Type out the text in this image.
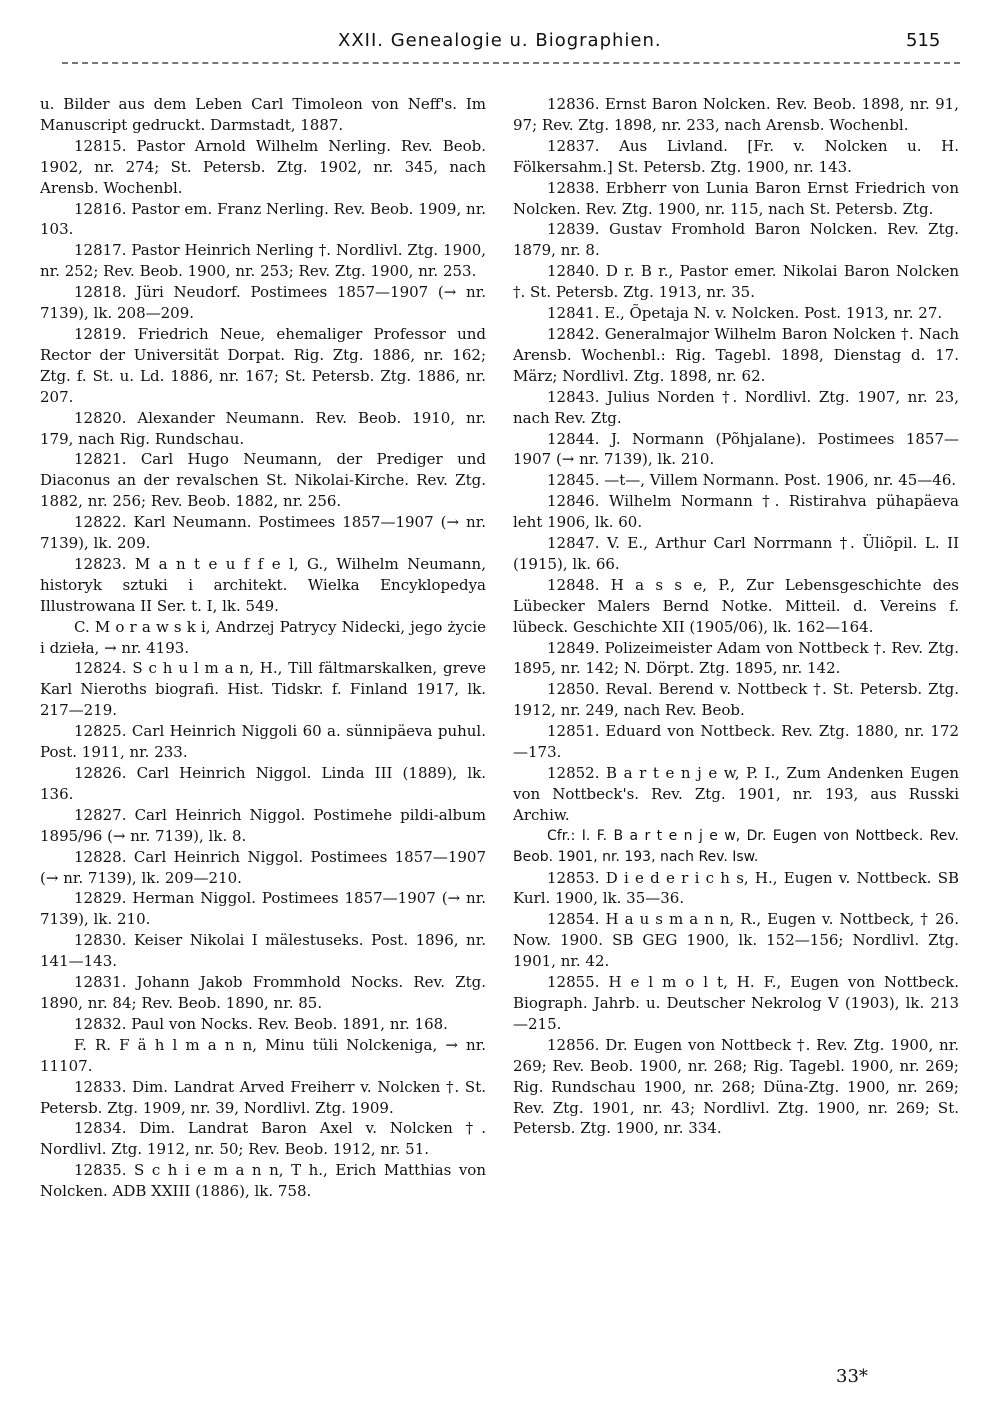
XXII. Genealogie u. Biographien.	515

u. Bilder aus dem Leben Carl Timoleon von Neff's. Im Manuscript gedruckt. Darmstadt, 1887.

12815. Pastor Arnold Wilhelm Nerling. Rev. Beob. 1902, nr. 274; St. Petersb. Ztg. 1902, nr. 345, nach Arensb. Wochenbl.

12816. Pastor em. Franz Nerling. Rev. Beob. 1909, nr. 103.

12817. Pastor Heinrich Nerling †. Nordlivl. Ztg. 1900, nr. 252; Rev. Beob. 1900, nr. 253; Rev. Ztg. 1900, nr. 253.

12818. Jüri Neudorf. Postimees 1857—1907 (→ nr. 7139), lk. 208—209.

12819. Friedrich Neue, ehemaliger Professor und Rector der Universität Dorpat. Rig. Ztg. 1886, nr. 162; Ztg. f. St. u. Ld. 1886, nr. 167; St. Petersb. Ztg. 1886, nr. 207.

12820. Alexander Neumann. Rev. Beob. 1910, nr. 179, nach Rig. Rundschau.

12821. Carl Hugo Neumann, der Prediger und Diaconus an der revalschen St. Nikolai-Kirche. Rev. Ztg. 1882, nr. 256; Rev. Beob. 1882, nr. 256.

12822. Karl Neumann. Postimees 1857—1907 (→ nr. 7139), lk. 209.

12823. M a n t e u f f e l, G., Wilhelm Neumann, historyk sztuki i architekt. Wielka Encyklopedya Illustrowana II Ser. t. I, lk. 549.

C. M o r a w s k i, Andrzej Patrycy Nidecki, jego życie i dzieła, → nr. 4193.

12824. S c h u l m a n, H., Till fältmarskalken, greve Karl Nieroths biografi. Hist. Tidskr. f. Finland 1917, lk. 217—219.

12825. Carl Heinrich Niggoli 60 a. sünnipäeva puhul. Post. 1911, nr. 233.

12826. Carl Heinrich Niggol. Linda III (1889), lk. 136.

12827. Carl Heinrich Niggol. Postimehe pildi-album 1895/96 (→ nr. 7139), lk. 8.

12828. Carl Heinrich Niggol. Postimees 1857—1907 (→ nr. 7139), lk. 209—210.

12829. Herman Niggol. Postimees 1857—1907 (→ nr. 7139), lk. 210.

12830. Keiser Nikolai I mälestuseks. Post. 1896, nr. 141—143.

12831. Johann Jakob Frommhold Nocks. Rev. Ztg. 1890, nr. 84; Rev. Beob. 1890, nr. 85.

12832. Paul von Nocks. Rev. Beob. 1891, nr. 168.

F. R. F ä h l m a n n, Minu tüli Nolckeniga, → nr. 11107.

12833. Dim. Landrat Arved Freiherr v. Nolcken †. St. Petersb. Ztg. 1909, nr. 39, Nordlivl. Ztg. 1909.

12834. Dim. Landrat Baron Axel v. Nolcken †. Nordlivl. Ztg. 1912, nr. 50; Rev. Beob. 1912, nr. 51.

12835. S c h i e m a n n, T h., Erich Matthias von Nolcken. ADB XXIII (1886), lk. 758.

12836. Ernst Baron Nolcken. Rev. Beob. 1898, nr. 91, 97; Rev. Ztg. 1898, nr. 233, nach Arensb. Wochenbl.

12837. Aus Livland. [Fr. v. Nolcken u. H. Fölkersahm.] St. Petersb. Ztg. 1900, nr. 143.

12838. Erbherr von Lunia Baron Ernst Friedrich von Nolcken. Rev. Ztg. 1900, nr. 115, nach St. Petersb. Ztg.

12839. Gustav Fromhold Baron Nolcken. Rev. Ztg. 1879, nr. 8.

12840. D r. B r., Pastor emer. Nikolai Baron Nolcken †. St. Petersb. Ztg. 1913, nr. 35.

12841. E., Õpetaja N. v. Nolcken. Post. 1913, nr. 27.

12842. Generalmajor Wilhelm Baron Nolcken †. Nach Arensb. Wochenbl.: Rig. Tagebl. 1898, Dienstag d. 17. März; Nordlivl. Ztg. 1898, nr. 62.

12843. Julius Norden †. Nordlivl. Ztg. 1907, nr. 23, nach Rev. Ztg.

12844. J. Normann (Põhjalane). Postimees 1857—1907 (→ nr. 7139), lk. 210.

12845. —t—, Villem Normann. Post. 1906, nr. 45—46.

12846. Wilhelm Normann †. Ristirahva pühapäeva leht 1906, lk. 60.

12847. V. E., Arthur Carl Norrmann †. Üliõpil. L. II (1915), lk. 66.

12848. H a s s e, P., Zur Lebensgeschichte des Lübecker Malers Bernd Notke. Mitteil. d. Vereins f. lübeck. Geschichte XII (1905/06), lk. 162—164.

12849. Polizeimeister Adam von Nottbeck †. Rev. Ztg. 1895, nr. 142; N. Dörpt. Ztg. 1895, nr. 142.

12850. Reval. Berend v. Nottbeck †. St. Petersb. Ztg. 1912, nr. 249, nach Rev. Beob.

12851. Eduard von Nottbeck. Rev. Ztg. 1880, nr. 172—173.

12852. B a r t e n j e w, P. I., Zum Andenken Eugen von Nottbeck's. Rev. Ztg. 1901, nr. 193, aus Russki Archiw.

Cfr.: I. F. B a r t e n j e w, Dr. Eugen von Nottbeck. Rev. Beob. 1901, nr. 193, nach Rev. Isw.

12853. D i e d e r i c h s, H., Eugen v. Nottbeck. SB Kurl. 1900, lk. 35—36.

12854. H a u s m a n n, R., Eugen v. Nottbeck, † 26. Now. 1900. SB GEG 1900, lk. 152—156; Nordlivl. Ztg. 1901, nr. 42.

12855. H e l m o l t, H. F., Eugen von Nottbeck. Biograph. Jahrb. u. Deutscher Nekrolog V (1903), lk. 213—215.

12856. Dr. Eugen von Nottbeck †. Rev. Ztg. 1900, nr. 269; Rev. Beob. 1900, nr. 268; Rig. Tagebl. 1900, nr. 269; Rig. Rundschau 1900, nr. 268; Düna-Ztg. 1900, nr. 269; Rev. Ztg. 1901, nr. 43; Nordlivl. Ztg. 1900, nr. 269; St. Petersb. Ztg. 1900, nr. 334.

33*
